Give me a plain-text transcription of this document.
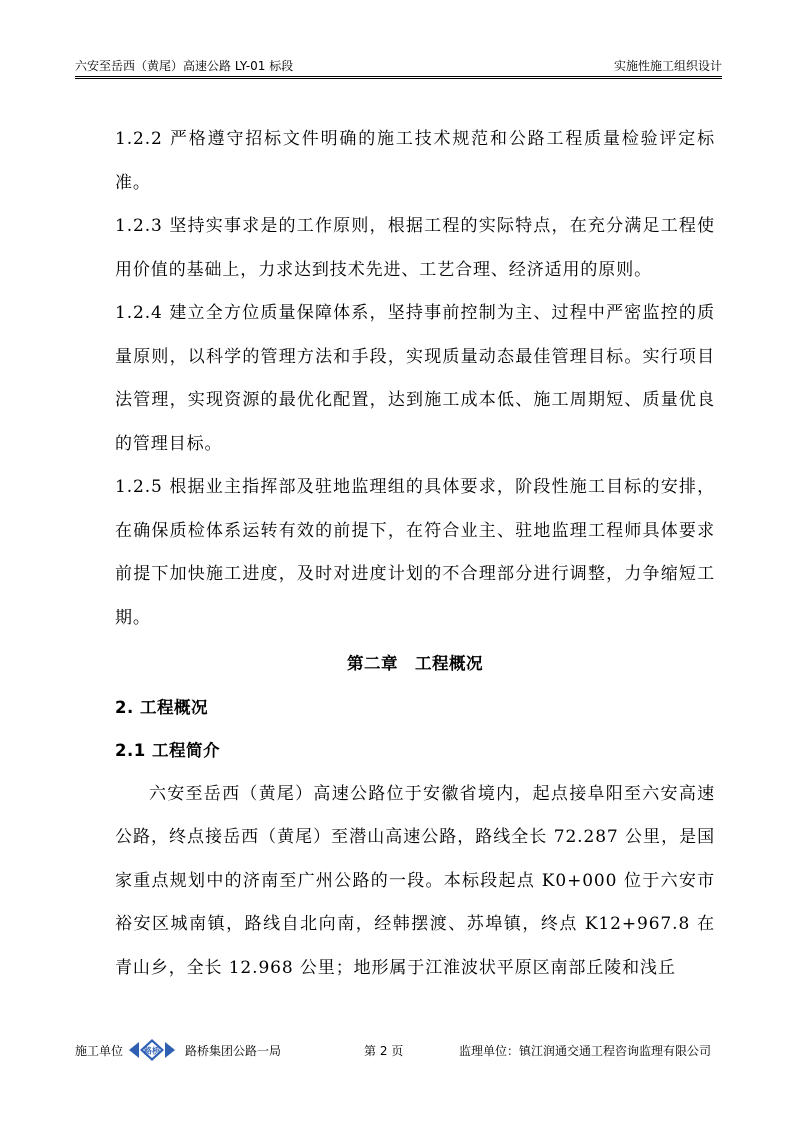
六安至岳西（黄尾）高速公路 LY-01 标段	实施性施工组织设计

1.2.2 严格遵守招标文件明确的施工技术规范和公路工程质量检验评定标准。

1.2.3 坚持实事求是的工作原则，根据工程的实际特点，在充分满足工程使用价值的基础上，力求达到技术先进、工艺合理、经济适用的原则。

1.2.4 建立全方位质量保障体系，坚持事前控制为主、过程中严密监控的质量原则，以科学的管理方法和手段，实现质量动态最佳管理目标。实行项目法管理，实现资源的最优化配置，达到施工成本低、施工周期短、质量优良的管理目标。

1.2.5 根据业主指挥部及驻地监理组的具体要求，阶段性施工目标的安排，在确保质检体系运转有效的前提下，在符合业主、驻地监理工程师具体要求前提下加快施工进度，及时对进度计划的不合理部分进行调整，力争缩短工期。

第二章　工程概况

2. 工程概况

2.1 工程简介

六安至岳西（黄尾）高速公路位于安徽省境内，起点接阜阳至六安高速公路，终点接岳西（黄尾）至潜山高速公路，路线全长 72.287 公里，是国家重点规划中的济南至广州公路的一段。本标段起点 K0+000 位于六安市裕安区城南镇，路线自北向南，经韩摆渡、苏埠镇，终点 K12+967.8 在青山乡，全长 12.968 公里；地形属于江淮波状平原区南部丘陵和浅丘

施工单位	路桥 路桥集团公路一局	第 2 页	监理单位：镇江润通交通工程咨询监理有限公司
